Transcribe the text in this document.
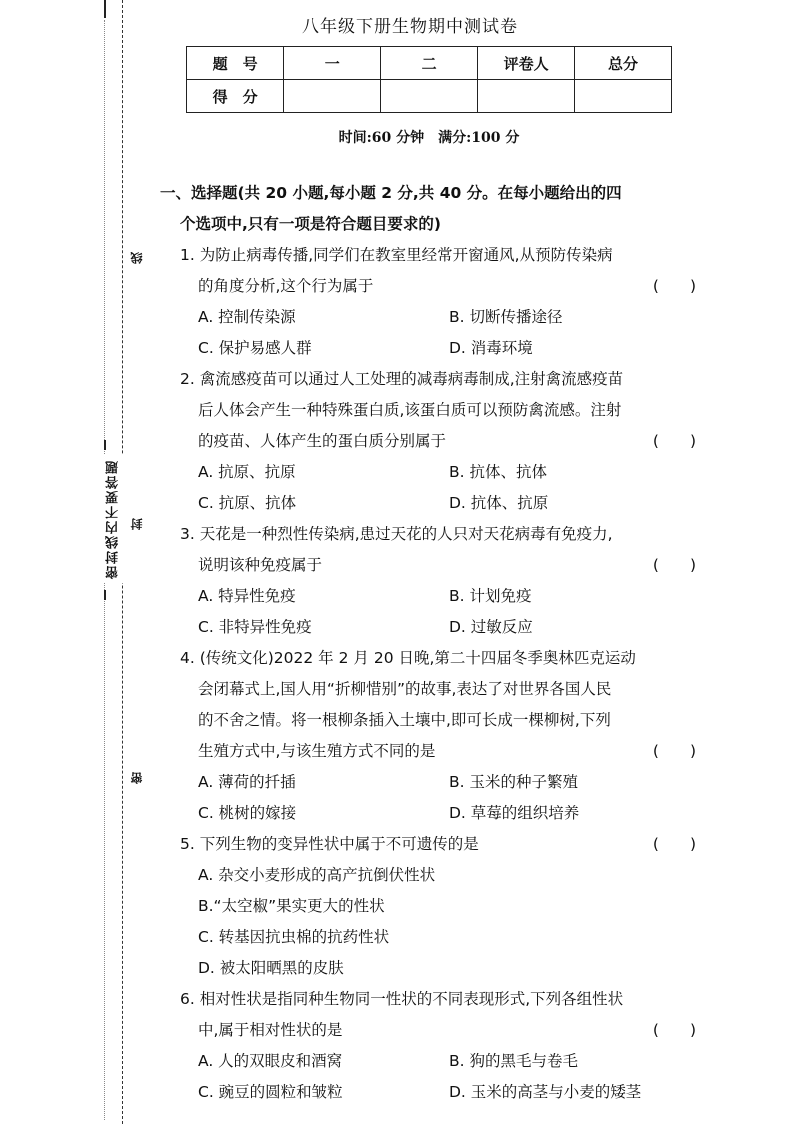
密封线内不要答题
线
封
密
八年级下册生物期中测试卷
题　号	一	二	评卷人	总分
得　分				
时间:60 分钟　满分:100 分
一、选择题(共 20 小题,每小题 2 分,共 40 分。在每小题给出的四
个选项中,只有一项是符合题目要求的)
1. 为防止病毒传播,同学们在教室里经常开窗通风,从预防传染病
的角度分析,这个行为属于	(　　)
A. 控制传染源	B. 切断传播途径
C. 保护易感人群	D. 消毒环境
2. 禽流感疫苗可以通过人工处理的减毒病毒制成,注射禽流感疫苗
后人体会产生一种特殊蛋白质,该蛋白质可以预防禽流感。注射
的疫苗、人体产生的蛋白质分别属于	(　　)
A. 抗原、抗原	B. 抗体、抗体
C. 抗原、抗体	D. 抗体、抗原
3. 天花是一种烈性传染病,患过天花的人只对天花病毒有免疫力,
说明该种免疫属于	(　　)
A. 特异性免疫	B. 计划免疫
C. 非特异性免疫	D. 过敏反应
4. (传统文化)2022 年 2 月 20 日晚,第二十四届冬季奥林匹克运动
会闭幕式上,国人用“折柳惜别”的故事,表达了对世界各国人民
的不舍之情。将一根柳条插入土壤中,即可长成一棵柳树,下列
生殖方式中,与该生殖方式不同的是	(　　)
A. 薄荷的扦插	B. 玉米的种子繁殖
C. 桃树的嫁接	D. 草莓的组织培养
5. 下列生物的变异性状中属于不可遗传的是	(　　)
A. 杂交小麦形成的高产抗倒伏性状
B.“太空椒”果实更大的性状
C. 转基因抗虫棉的抗药性状
D. 被太阳晒黑的皮肤
6. 相对性状是指同种生物同一性状的不同表现形式,下列各组性状
中,属于相对性状的是	(　　)
A. 人的双眼皮和酒窝	B. 狗的黑毛与卷毛
C. 豌豆的圆粒和皱粒	D. 玉米的高茎与小麦的矮茎
